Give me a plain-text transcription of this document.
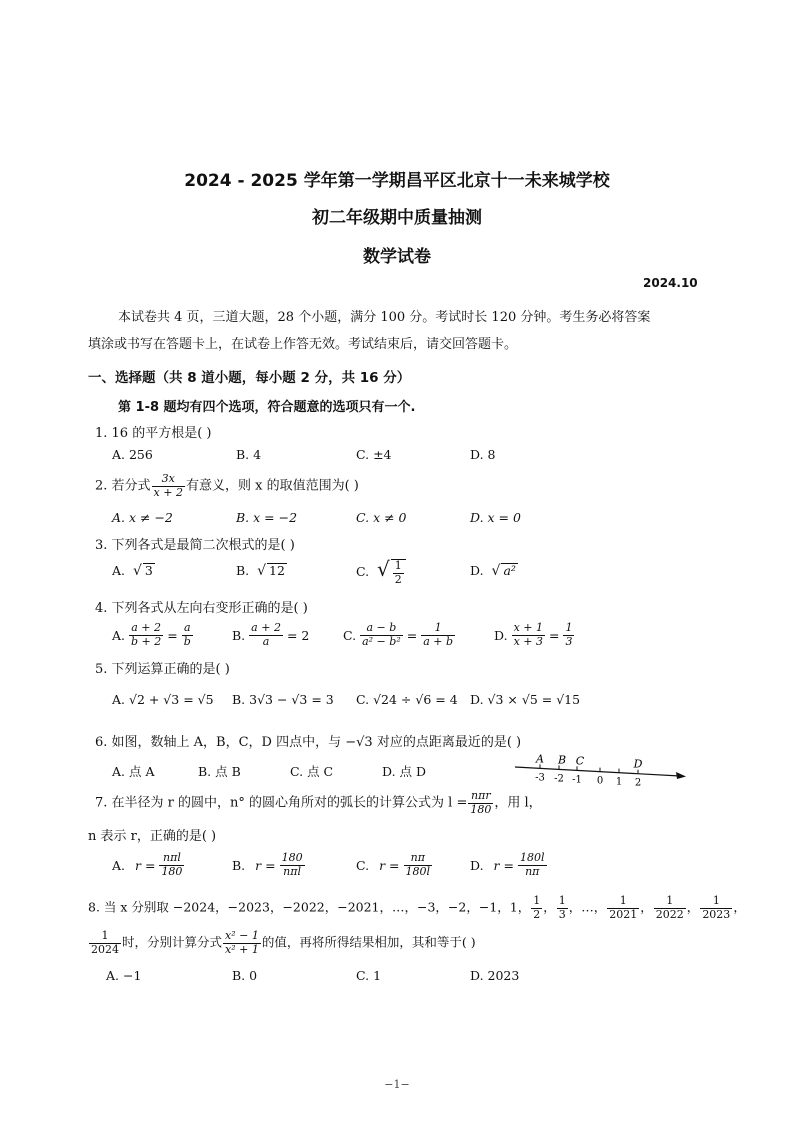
2024 - 2025 学年第一学期昌平区北京十一未来城学校
初二年级期中质量抽测
数学试卷
2024.10
本试卷共 4 页，三道大题，28 个小题，满分 100 分。考试时长 120 分钟。考生务必将答案
填涂或书写在答题卡上，在试卷上作答无效。考试结束后，请交回答题卡。
一、选择题（共 8 道小题，每小题 2 分，共 16 分）
第 1-8 题均有四个选项，符合题意的选项只有一个.
1. 16 的平方根是( )
A. 256	B. 4	C. ±4	D. 8
2. 若分式 $\frac{3x}{x + 2}$ 有意义，则 x 的取值范围为( )
A. x ≠ −2	B. x = −2	C. x ≠ 0	D. x = 0
3. 下列各式是最简二次根式的是( )
A. √ 3	B. √ 12	C. √ $\frac{1}{2}$	D. √ a²
4. 下列各式从左向右变形正确的是( )
A. $\frac{a + 2}{b + 2} = \frac{a}{b}$	B. $\frac{a + 2}{a} = 2$	C. $\frac{a - b}{\text{a² − b²}} = \frac{1}{a + b}$	D. $\frac{x + 1}{x + 3} = \frac{1}{3}$
5. 下列运算正确的是( )
A. √2 + √3 = √5 B. 3√3 − √3 = 3 C. √24 ÷ √6 = 4 D. √3 × √5 = √15
6. 如图，数轴上 A，B，C，D 四点中，与 −√3 对应的点距离最近的是( )
A. 点 A	B. 点 B	C. 点 C	D. 点 D	-3 -2 -1 0 1 2
A B C	D
7. 在半径为 r 的圆中，n° 的圆心角所对的弧长的计算公式为 $l = \frac{\text{nπr}}{180}$ ，用 l，
n 表示 r，正确的是( )
A.
$r = \frac{\text{nπl}}{180}$	B.
$r = \frac{180}{\text{nπl}}$	C.
$r = \frac{n\pi}{180l}$	D.
$r = \frac{180l}{n\pi}$
8. 当 x 分别取 −2024，−2023，−2022，−2021，…，−3，−2，−1，1， $\frac{1}{2}$ ， $\frac{1}{3}$ ，…， $\frac{1}{2021}$ ， $\frac{1}{2022}$ ， $\frac{1}{2023}$ ，
$\frac{1}{2024}$ 时，分别计算分式 $\frac{\text{x² − 1}}{\text{x² + 1}}$ 的值，再将所得结果相加，其和等于( )
A. −1	B. 0	C. 1	D. 2023
−1−
